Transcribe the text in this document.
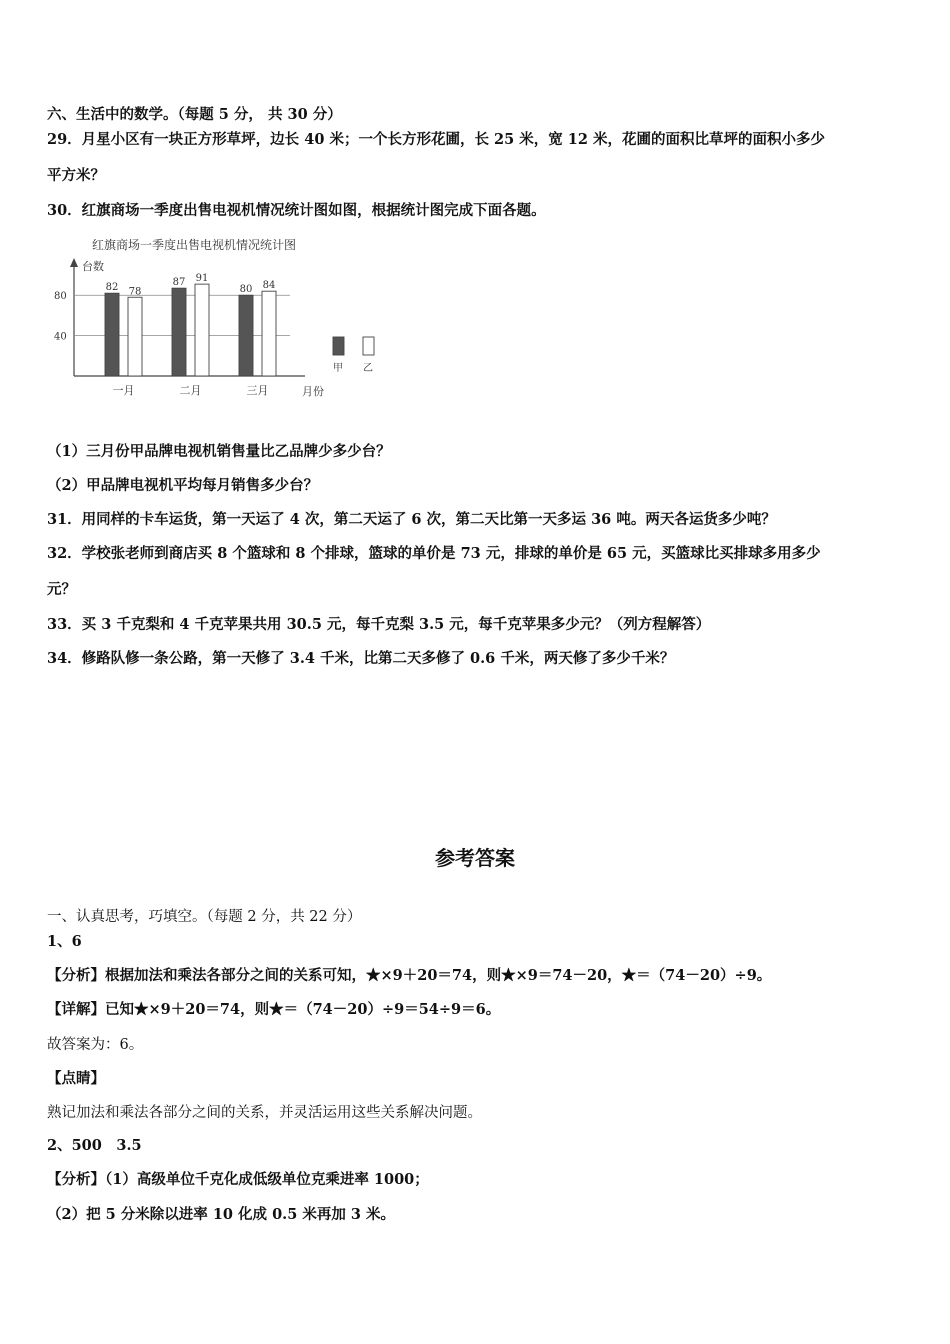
六、生活中的数学。（每题 5 分， 共 30 分）
29．月星小区有一块正方形草坪，边长 40 米；一个长方形花圃，长 25 米，宽 12 米，花圃的面积比草坪的面积小多少
平方米？
30．红旗商场一季度出售电视机情况统计图如图，根据统计图完成下面各题。
红旗商场一季度出售电视机情况统计图
台数
月份
40
80
82 78
一月
87 91
二月
80 84
三月
甲 乙
（1）三月份甲品牌电视机销售量比乙品牌少多少台？
（2）甲品牌电视机平均每月销售多少台？
31．用同样的卡车运货，第一天运了 4 次，第二天运了 6 次，第二天比第一天多运 36 吨。两天各运货多少吨？
32．学校张老师到商店买 8 个篮球和 8 个排球，篮球的单价是 73 元，排球的单价是 65 元，买篮球比买排球多用多少
元？
33．买 3 千克梨和 4 千克苹果共用 30.5 元，每千克梨 3.5 元，每千克苹果多少元？（列方程解答）
34．修路队修一条公路，第一天修了 3.4 千米，比第二天多修了 0.6 千米，两天修了多少千米？
参考答案
一、认真思考，巧填空。（每题 2 分，共 22 分）
1、6
【分析】根据加法和乘法各部分之间的关系可知，★×9＋20＝74，则★×9＝74－20，★＝（74－20）÷9。
【详解】已知★×9＋20＝74，则★＝（74－20）÷9＝54÷9＝6。
故答案为：6。
【点睛】
熟记加法和乘法各部分之间的关系，并灵活运用这些关系解决问题。
2、500　3.5
【分析】（1）高级单位千克化成低级单位克乘进率 1000；
（2）把 5 分米除以进率 10 化成 0.5 米再加 3 米。
